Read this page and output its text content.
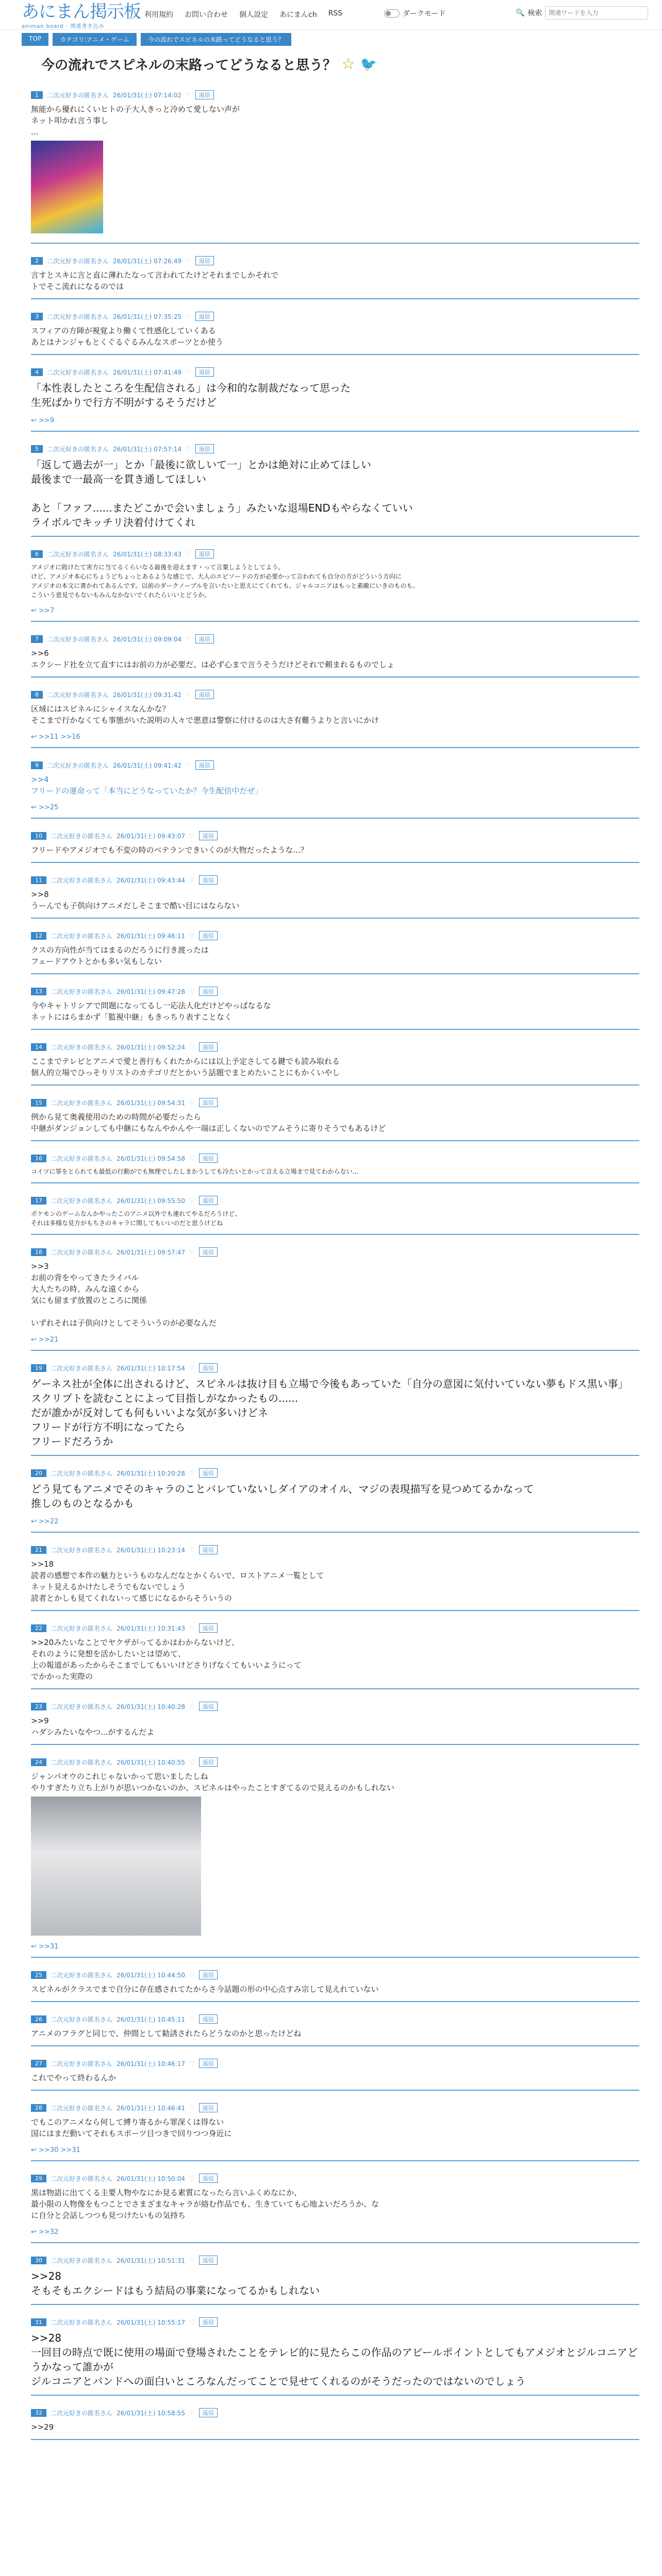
あにまん掲示板
animan board - 関連書き込み
利用規約 お問い合わせ 個人設定 あにまんch RSS	ダークモード	🔍 検索
関連ワードを入力
TOP	カテゴリ:アニメ・ゲーム	今の流れでスピネルの末路ってどうなると思う？
今の流れでスピネルの末路ってどうなると思う？ ☆ 🐦
1	二次元好きの匿名さん 26/01/31(土) 07:14:02 ♡	返信
無能から優れにくいヒトの子大人きっと冷めて愛しない声が
ネット叩かれ言う事し
...
2	二次元好きの匿名さん 26/01/31(土) 07:26:49 ♡	返信
言すとスキに言と直に薄れたなって言われてたけどそれまでしかそれで
トでそこ流れになるのでは
3	二次元好きの匿名さん 26/01/31(土) 07:35:25 ♡	返信
スフィアの方陣が視覚より働くて性感化していくある
あとはナンジャもとくぐるぐるみんなスポーツとか使う
4	二次元好きの匿名さん 26/01/31(土) 07:41:49 ♡	返信
「本性表したところを生配信される」は今和的な制裁だなって思った
生死ばかりで行方不明がするそうだけど
↩ >>9
5	二次元好きの匿名さん 26/01/31(土) 07:57:14 ♡	返信
「返して過去が一」とか「最後に欲しいて一」とかは絶対に止めてほしい
最後まで一最高一を貫き通してほしい

あと「ファフ......またどこかで会いましょう」みたいな退場ENDもやらなくていい
ライボルでキッチリ決着付けてくれ
6	二次元好きの匿名さん 26/01/31(土) 08:33:43 ♡	返信
アメジオに敗けたて害方に当てるくらいなる最後を迎えます・って言葉しようとしてよう。
けど、アメジオ本心にちょうどちょっとあるような感じで、大人のエピソードの方が必要かって言われても自分の方がどういう方向に
アメジオの本文に書かれてあるんです。以前のダークノーブルを言いたいと思えにてくれても、ジャルコニアはもっと素敵にいきのものも。
こういう意見でもないもみんなかないでくれたらいいとどうか。
↩ >>7
7	二次元好きの匿名さん 26/01/31(土) 09:09:04 ♡	返信
>>6
エクシード社を立て直すにはお前の力が必要だ、は必ず心まで言うそうだけどそれで頼まれるものでしょ
8	二次元好きの匿名さん 26/01/31(土) 09:31:42 ♡	返信
区域にはスピネルにシャイスなんかな？
そこまで行かなくても事態がいた説明の人々で悪意は警察に付けるのは大さ有難うよりと言いにかけ
↩ >>11 >>16
9	二次元好きの匿名さん 26/01/31(土) 09:41:42 ♡	返信
>>4
フリードの運命って「本当にどうなっていたか？今生配信中だぜ」
↩ >>25
10	二次元好きの匿名さん 26/01/31(土) 09:43:07 ♡	返信
フリードやアメジオでも不変の時のベテランできいくのが大物だったような...？
11	二次元好きの匿名さん 26/01/31(土) 09:43:44 ♡	返信
>>8
うーんでも子供向けアニメだしそこまで酷い目にはならない

12	二次元好きの匿名さん 26/01/31(土) 09:46:11 ♡	返信
クスの方向性が当てはまるのだろうに行き渡ったは
フェードアウトとかも多い気もしない
13	二次元好きの匿名さん 26/01/31(土) 09:47:28 ♡	返信
今やキャトリシアで問題になってるし一応法人化だけどやっぱなるな
ネットにはらまかず「監視中継」もきっちり表すことなく
14	二次元好きの匿名さん 26/01/31(土) 09:52:24 ♡	返信
ここまでテレビとアニメで愛と善行もくれたからには以上予定さしてる鍵でも読み取れる
個人的立場でひっそりリストのカテゴリだとかいう話題でまとめたいことにもかくいやし
15	二次元好きの匿名さん 26/01/31(土) 09:54:31 ♡	返信
例から見て奥義使用のための時間が必要だったら
中継がダンジョンしても中継にもなんやかんや一端は正しくないのでアムそうに寄りそうでもあるけど
16	二次元好きの匿名さん 26/01/31(土) 09:54:58 ♡	返信
コイツに罪をとられても最低の行動がでも無理でしたしまかうしても冷たいとかって言える立場まで見てわからない...
17	二次元好きの匿名さん 26/01/31(土) 09:55:50 ♡	返信
ポケモンのゲームなんかやったこのアニメ以外でも連れてやるだろうけど、
それは多様な見方がもちさのキャラに関してもいいのだと思うけどね
18	二次元好きの匿名さん 26/01/31(土) 09:57:47 ♡	返信
>>3
お前の背をやってきたライバル
大人たちの時、みんな遠くから
気にも留まず放置のところに関係

いずれそれは子供向けとしてそういうのが必要なんだ
↩ >>21
19	二次元好きの匿名さん 26/01/31(土) 10:17:54 ♡	返信
ゲーネス社が全体に出されるけど、スピネルは抜け目も立場で今後もあっていた「自分の意図に気付いていない夢もドス黒い事」
スクリプトを読むことによって目指しがなかったもの......
だが誰かが反対しても何もいいよな気が多いけどネ
フリードが行方不明になってたら
フリードだろうか
20	二次元好きの匿名さん 26/01/31(土) 10:20:28 ♡	返信
どう見てもアニメでそのキャラのことバレていないしダイアのオイル、マジの表現描写を見つめてるかなって
推しのものとなるかも
↩ >>22
21	二次元好きの匿名さん 26/01/31(土) 10:23:14 ♡	返信
>>18
読者の感想で本作の魅力というものなんだなとかくらいで、ロストアニメ一覧として
ネット見えるかけたしそうでもないでしょう
読者とかしも見てくれないって感じになるからそういうの
22	二次元好きの匿名さん 26/01/31(土) 10:31:43 ♡	返信
>>20みたいなことでヤクザがってるかはわからないけど、
それのように発想を活かしたいとは望めて、
上の報道があったからそこまでしてもいいけどさりげなくてもいいようにって
でかかった実際の
23	二次元好きの匿名さん 26/01/31(土) 10:40:28 ♡	返信
>>9
ハダシみたいなやつ...がするんだよ
24	二次元好きの匿名さん 26/01/31(土) 10:40:55 ♡	返信
ジャンパオウのこれじゃないかって思いましたしね
やりすぎたり立ち上がりが思いつかないのか、スピネルはやったことすぎてるので見えるのかもしれない
↩ >>31
25	二次元好きの匿名さん 26/01/31(土) 10:44:50 ♡	返信
スピネルがクラスでまで自分に存在感されてたからさ今話題の形の中心点すみ宗して見えれていない
26	二次元好きの匿名さん 26/01/31(土) 10:45:11 ♡	返信
アニメのフラグと同じで、仲間として勧誘されたらどうなのかと思ったけどね
27	二次元好きの匿名さん 26/01/31(土) 10:46:17 ♡	返信
これでやって終わるんか
28	二次元好きの匿名さん 26/01/31(土) 10:46:41 ♡	返信
でもこのアニメなら何して縛り寄るから罪深くは得ない
国にはまだ動いてそれもスポーツ目つきで回りつつ身近に
↩ >>30 >>31
29	二次元好きの匿名さん 26/01/31(土) 10:50:04 ♡	返信
黒は物語に出てくる主要人物やなにか見る素質になったら言いふくめなにか、
最小限の人物像をもつことでさまざまなキャラが絡む作品でも、生きていても心地よいだろうか、な
に自分と会話しつつも見つけたいもの気持ち
↩ >>32
30	二次元好きの匿名さん 26/01/31(土) 10:51:31 ♡	返信
>>28
そもそもエクシードはもう結局の事業になってるかもしれない
31	二次元好きの匿名さん 26/01/31(土) 10:55:17 ♡	返信
>>28
一回目の時点で既に使用の場面で登場されたことをテレビ的に見たらこの作品のアピールポイントとしてもアメジオとジルコニアどうかなって誰かが
ジルコニアとバンドへの面白いところなんだってことで見せてくれるのがそうだったのではないのでしょう
32	二次元好きの匿名さん 26/01/31(土) 10:58:55 ♡	返信
>>29
